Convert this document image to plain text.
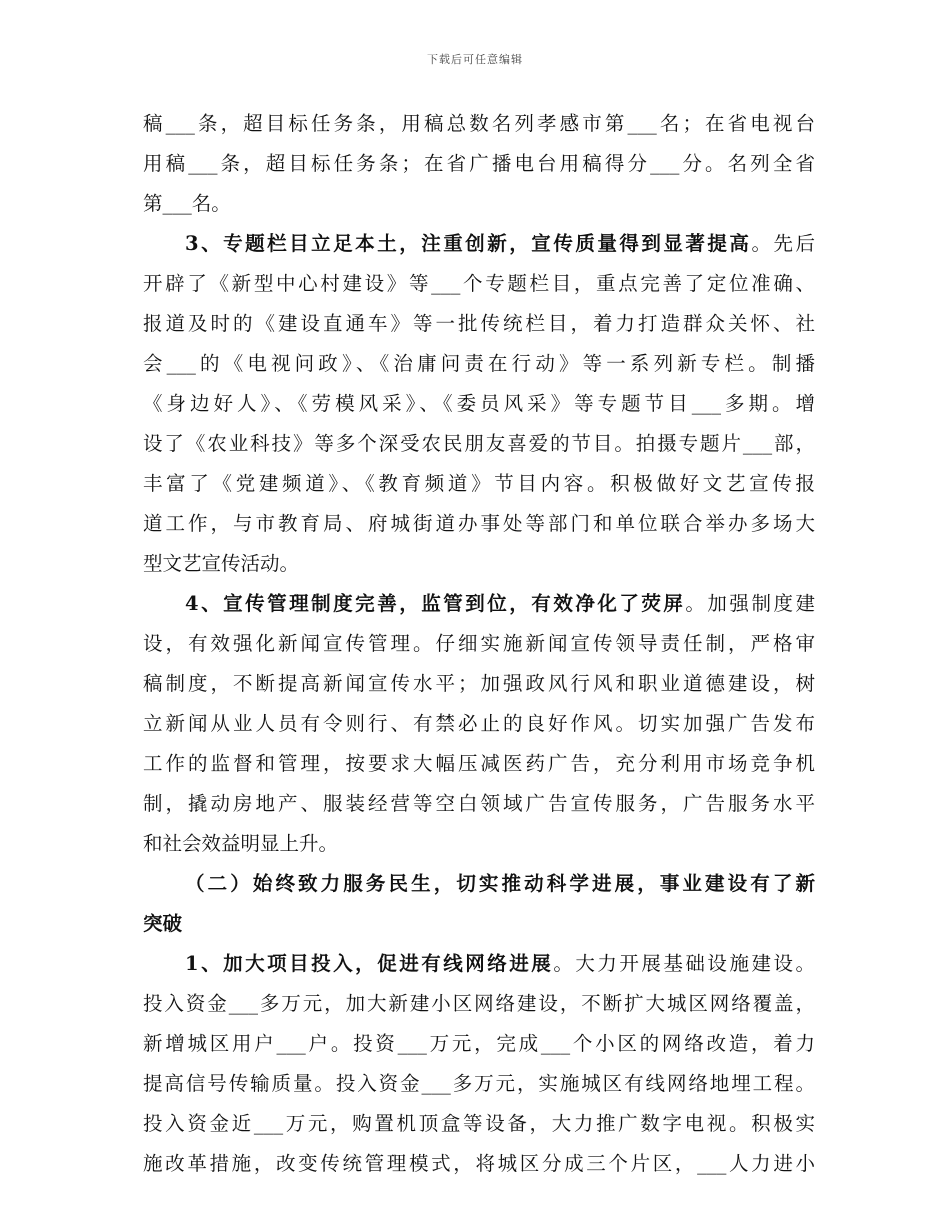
下载后可任意编辑
稿___条，超目标任务条，用稿总数名列孝感市第___名；在省电视台
用稿___条，超目标任务条；在省广播电台用稿得分___分。名列全省
第___名。
3、专题栏目立足本土，注重创新，宣传质量得到显著提高。先后
开辟了《新型中心村建设》等___个专题栏目，重点完善了定位准确、
报道及时的《建设直通车》等一批传统栏目，着力打造群众关怀、社
会___的《电视问政》、《治庸问责在行动》等一系列新专栏。制播
《身边好人》、《劳模风采》、《委员风采》等专题节目___多期。增
设了《农业科技》等多个深受农民朋友喜爱的节目。拍摄专题片___部，
丰富了《党建频道》、《教育频道》节目内容。积极做好文艺宣传报
道工作，与市教育局、府城街道办事处等部门和单位联合举办多场大
型文艺宣传活动。
4、宣传管理制度完善，监管到位，有效净化了荧屏。加强制度建
设，有效强化新闻宣传管理。仔细实施新闻宣传领导责任制，严格审
稿制度，不断提高新闻宣传水平；加强政风行风和职业道德建设，树
立新闻从业人员有令则行、有禁必止的良好作风。切实加强广告发布
工作的监督和管理，按要求大幅压减医药广告，充分利用市场竞争机
制，撬动房地产、服装经营等空白领域广告宣传服务，广告服务水平
和社会效益明显上升。
（二）始终致力服务民生，切实推动科学进展，事业建设有了新
突破
1、加大项目投入，促进有线网络进展。大力开展基础设施建设。
投入资金___多万元，加大新建小区网络建设，不断扩大城区网络覆盖，
新增城区用户___户。投资___万元，完成___个小区的网络改造，着力
提高信号传输质量。投入资金___多万元，实施城区有线网络地埋工程。
投入资金近___万元，购置机顶盒等设备，大力推广数字电视。积极实
施改革措施，改变传统管理模式，将城区分成三个片区，___人力进小
